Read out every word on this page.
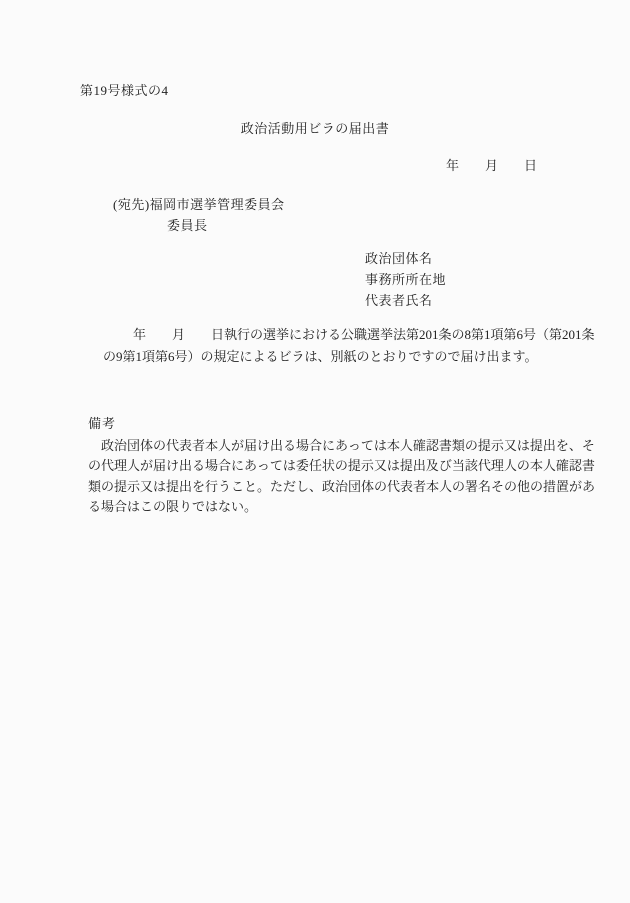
第19号様式の4
政治活動用ビラの届出書
年　　月　　日
(宛先)福岡市選挙管理委員会
委員長
政治団体名
事務所所在地
代表者氏名
年　　月　　日執行の選挙における公職選挙法第201条の8第1項第6号（第201条
の9第1項第6号）の規定によるビラは、別紙のとおりですので届け出ます。
備考
政治団体の代表者本人が届け出る場合にあっては本人確認書類の提示又は提出を、そ
の代理人が届け出る場合にあっては委任状の提示又は提出及び当該代理人の本人確認書
類の提示又は提出を行うこと。ただし、政治団体の代表者本人の署名その他の措置があ
る場合はこの限りではない。
